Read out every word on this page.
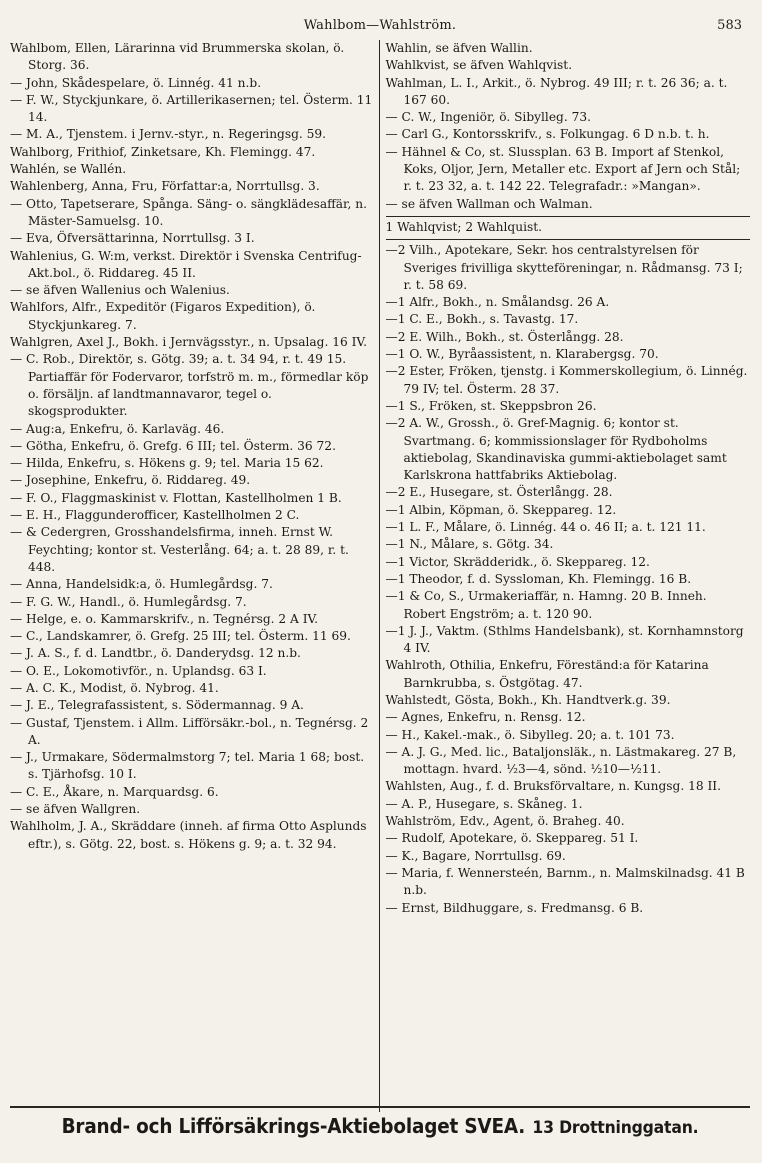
Wahlbom—Wahlström.	583
Wahlbom, Ellen, Lärarinna vid Brummerska skolan, ö. Storg. 36.
— John, Skådespelare, ö. Linnég. 41 n.b.
— F. W., Styckjunkare, ö. Artillerikasernen; tel. Österm. 11 14.
— M. A., Tjenstem. i Jernv.-styr., n. Regeringsg. 59.
Wahlborg, Frithiof, Zinketsare, Kh. Flemingg. 47.
Wahlén, se Wallén.
Wahlenberg, Anna, Fru, Författar:a, Norrtullsg. 3.
— Otto, Tapetserare, Spånga. Säng- o. sängklädesaffär, n. Mäster-Samuelsg. 10.
— Eva, Öfversättarinna, Norrtullsg. 3 I.
Wahlenius, G. W:m, verkst. Direktör i Svenska Centrifug-Akt.bol., ö. Riddareg. 45 II.
— se äfven Wallenius och Walenius.
Wahlfors, Alfr., Expeditör (Figaros Expedition), ö. Styckjunkareg. 7.
Wahlgren, Axel J., Bokh. i Jernvägsstyr., n. Upsalag. 16 IV.
— C. Rob., Direktör, s. Götg. 39; a. t. 34 94, r. t. 49 15. Partiaffär för Fodervaror, torfströ m. m., förmedlar köp o. försäljn. af landtmannavaror, tegel o. skogsprodukter.
— Aug:a, Enkefru, ö. Karlaväg. 46.
— Götha, Enkefru, ö. Grefg. 6 III; tel. Österm. 36 72.
— Hilda, Enkefru, s. Hökens g. 9; tel. Maria 15 62.
— Josephine, Enkefru, ö. Riddareg. 49.
— F. O., Flaggmaskinist v. Flottan, Kastellholmen 1 B.
— E. H., Flaggunderofficer, Kastellholmen 2 C.
— & Cedergren, Grosshandelsfirma, inneh. Ernst W. Feychting; kontor st. Vesterlång. 64; a. t. 28 89, r. t. 448.
— Anna, Handelsidk:a, ö. Humlegårdsg. 7.
— F. G. W., Handl., ö. Humlegårdsg. 7.
— Helge, e. o. Kammarskrifv., n. Tegnérsg. 2 A IV.
— C., Landskamrer, ö. Grefg. 25 III; tel. Österm. 11 69.
— J. A. S., f. d. Landtbr., ö. Danderydsg. 12 n.b.
— O. E., Lokomotivför., n. Uplandsg. 63 I.
— A. C. K., Modist, ö. Nybrog. 41.
— J. E., Telegrafassistent, s. Södermannag. 9 A.
— Gustaf, Tjenstem. i Allm. Lifförsäkr.-bol., n. Tegnérsg. 2 A.
— J., Urmakare, Södermalmstorg 7; tel. Maria 1 68; bost. s. Tjärhofsg. 10 I.
— C. E., Åkare, n. Marquardsg. 6.
— se äfven Wallgren.
Wahlholm, J. A., Skräddare (inneh. af firma Otto Asplunds eftr.), s. Götg. 22, bost. s. Hökens g. 9; a. t. 32 94.
Wahlin, se äfven Wallin.
Wahlkvist, se äfven Wahlqvist.
Wahlman, L. I., Arkit., ö. Nybrog. 49 III; r. t. 26 36; a. t. 167 60.
— C. W., Ingeniör, ö. Sibylleg. 73.
— Carl G., Kontorsskrifv., s. Folkungag. 6 D n.b. t. h.
— Hähnel & Co, st. Slussplan. 63 B. Import af Stenkol, Koks, Oljor, Jern, Metaller etc. Export af Jern och Stål; r. t. 23 32, a. t. 142 22. Telegrafadr.: »Mangan».
— se äfven Wallman och Walman.
1 Wahlqvist; 2 Wahlquist.
—2 Vilh., Apotekare, Sekr. hos centralstyrelsen för Sveriges frivilliga skytteföreningar, n. Rådmansg. 73 I; r. t. 58 69.
—1 Alfr., Bokh., n. Smålandsg. 26 A.
—1 C. E., Bokh., s. Tavastg. 17.
—2 E. Wilh., Bokh., st. Österlångg. 28.
—1 O. W., Byråassistent, n. Klarabergsg. 70.
—2 Ester, Fröken, tjenstg. i Kommerskollegium, ö. Linnég. 79 IV; tel. Österm. 28 37.
—1 S., Fröken, st. Skeppsbron 26.
—2 A. W., Grossh., ö. Gref-Magnig. 6; kontor st. Svartmang. 6; kommissionslager för Rydboholms aktiebolag, Skandinaviska gummi-aktiebolaget samt Karlskrona hattfabriks Aktiebolag.
—2 E., Husegare, st. Österlångg. 28.
—1 Albin, Köpman, ö. Skeppareg. 12.
—1 L. F., Målare, ö. Linnég. 44 o. 46 II; a. t. 121 11.
—1 N., Målare, s. Götg. 34.
—1 Victor, Skrädderidk., ö. Skeppareg. 12.
—1 Theodor, f. d. Syssloman, Kh. Flemingg. 16 B.
—1 & Co, S., Urmakeriaffär, n. Hamng. 20 B. Inneh. Robert Engström; a. t. 120 90.
—1 J. J., Vaktm. (Sthlms Handelsbank), st. Kornhamnstorg 4 IV.
Wahlroth, Othilia, Enkefru, Föreständ:a för Katarina Barnkrubba, s. Östgötag. 47.
Wahlstedt, Gösta, Bokh., Kh. Handtverk.g. 39.
— Agnes, Enkefru, n. Rensg. 12.
— H., Kakel.-mak., ö. Sibylleg. 20; a. t. 101 73.
— A. J. G., Med. lic., Bataljonsläk., n. Lästmakareg. 27 B, mottagn. hvard. ½3—4, sönd. ½10—½11.
Wahlsten, Aug., f. d. Bruksförvaltare, n. Kungsg. 18 II.
— A. P., Husegare, s. Skåneg. 1.
Wahlström, Edv., Agent, ö. Braheg. 40.
— Rudolf, Apotekare, ö. Skeppareg. 51 I.
— K., Bagare, Norrtullsg. 69.
— Maria, f. Wennersteén, Barnm., n. Malmskilnadsg. 41 B n.b.
— Ernst, Bildhuggare, s. Fredmansg. 6 B.
Brand- och Lifförsäkrings-Aktiebolaget SVEA. 13 Drottninggatan.
